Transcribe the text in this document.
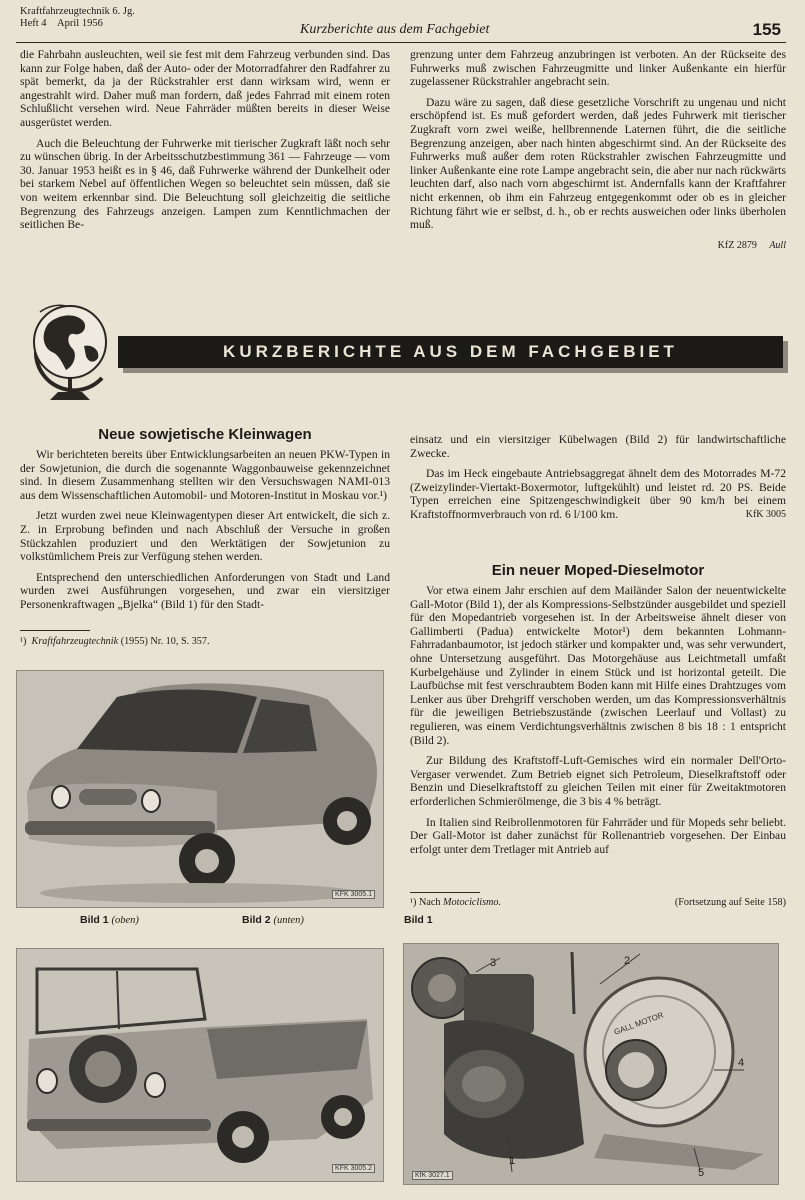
Kraftfahrzeugtechnik 6. Jg.
Heft 4 April 1956	Kurzberichte aus dem Fachgebiet	155

die Fahrbahn ausleuchten, weil sie fest mit dem Fahrzeug verbunden sind. Das kann zur Folge haben, daß der Auto- oder der Motorradfahrer den Radfahrer zu spät bemerkt, da ja der Rückstrahler erst dann wirksam wird, wenn er angestrahlt wird. Daher muß man fordern, daß jedes Fahrrad mit einem roten Schlußlicht versehen wird. Neue Fahrräder müßten bereits in dieser Weise ausgerüstet werden.

Auch die Beleuchtung der Fuhrwerke mit tierischer Zugkraft läßt noch sehr zu wünschen übrig. In der Arbeitsschutzbestimmung 361 — Fahrzeuge — vom 30. Januar 1953 heißt es in § 46, daß Fuhrwerke während der Dunkelheit oder bei starkem Nebel auf öffentlichen Wegen so beleuchtet sein müssen, daß sie von weitem erkennbar sind. Die Beleuchtung soll gleichzeitig die seitliche Begrenzung des Fahrzeugs anzeigen. Lampen zum Kenntlichmachen der seitlichen Be-

grenzung unter dem Fahrzeug anzubringen ist verboten. An der Rückseite des Fuhrwerks muß zwischen Fahrzeugmitte und linker Außenkante ein hierfür zugelassener Rückstrahler angebracht sein.

Dazu wäre zu sagen, daß diese gesetzliche Vorschrift zu ungenau und nicht erschöpfend ist. Es muß gefordert werden, daß jedes Fuhrwerk mit tierischer Zugkraft vorn zwei weiße, hellbrennende Laternen führt, die die seitliche Begrenzung anzeigen, aber nach hinten abgeschirmt sind. An der Rückseite des Fuhrwerks muß außer dem roten Rückstrahler zwischen Fahrzeugmitte und linker Außenkante eine rote Lampe angebracht sein, die aber nur nach rückwärts leuchten darf, also nach vorn abgeschirmt ist. Andernfalls kann der Kraftfahrer nicht erkennen, ob ihm ein Fahrzeug entgegenkommt oder ob es in gleicher Richtung fährt wie er selbst, d. h., ob er rechts ausweichen oder links überholen muß.

KfZ 2879 Aull

KURZBERICHTE AUS DEM FACHGEBIET
Neue sowjetische Kleinwagen

Wir berichteten bereits über Entwicklungsarbeiten an neuen PKW-Typen in der Sowjetunion, die durch die sogenannte Waggonbauweise gekennzeichnet sind. In diesem Zusammenhang stellten wir den Versuchswagen NAMI-013 aus dem Wissenschaftlichen Automobil- und Motoren-Institut in Moskau vor.¹)

Jetzt wurden zwei neue Kleinwagentypen dieser Art entwickelt, die sich z. Z. in Erprobung befinden und nach Abschluß der Versuche in großen Stückzahlen produziert und den Werktätigen der Sowjetunion zu volkstümlichem Preis zur Verfügung stehen werden.

Entsprechend den unterschiedlichen Anforderungen von Stadt und Land wurden zwei Ausführungen vorgesehen, und zwar ein viersitziger Personenkraftwagen „Bjelka“ (Bild 1) für den Stadt-

¹) Kraftfahrzeugtechnik (1955) Nr. 10, S. 357.

einsatz und ein viersitziger Kübelwagen (Bild 2) für landwirtschaftliche Zwecke.

Das im Heck eingebaute Antriebsaggregat ähnelt dem des Motorrades M-72 (Zweizylinder-Viertakt-Boxermotor, luftgekühlt) und leistet rd. 20 PS. Beide Typen erreichen eine Spitzengeschwindigkeit über 90 km/h bei einem Kraftstoffnormverbrauch von rd. 6 l/100 km.	KfK 3005

Ein neuer Moped-Dieselmotor

Vor etwa einem Jahr erschien auf dem Mailänder Salon der neuentwickelte Gall-Motor (Bild 1), der als Kompressions-Selbstzünder ausgebildet und speziell für den Mopedantrieb vorgesehen ist. In der Arbeitsweise ähnelt dieser von Gallimberti (Padua) entwickelte Motor¹) dem bekannten Lohmann-Fahrradanbaumotor, ist jedoch stärker und kompakter und, was sehr verwundert, ohne Untersetzung ausgeführt. Das Motorgehäuse aus Leichtmetall umfaßt Kurbelgehäuse und Zylinder in einem Stück und ist horizontal geteilt. Die Laufbüchse mit fest verschraubtem Boden kann mit Hilfe eines Drahtzuges vom Lenker aus über Drehgriff verschoben werden, um das Kompressionsverhältnis für die jeweiligen Betriebszustände (zwischen Leerlauf und Vollast) zu regulieren, was einem Verdichtungsverhältnis zwischen 8 bis 18 : 1 entspricht (Bild 2).

Zur Bildung des Kraftstoff-Luft-Gemisches wird ein normaler Dell'Orto-Vergaser verwendet. Zum Betrieb eignet sich Petroleum, Dieselkraftstoff oder Benzin und Dieselkraftstoff zu gleichen Teilen mit einer für Zweitaktmotoren erforderlichen Schmierölmenge, die 3 bis 4 % beträgt.

In Italien sind Reibrollenmotoren für Fahrräder und für Mopeds sehr beliebt. Der Gall-Motor ist daher zunächst für Rollenantrieb vorgesehen. Der Einbau erfolgt unter dem Tretlager mit Antrieb auf

¹) Nach Motociclismo.	(Fortsetzung auf Seite 158)
KFK 3005.1
Bild 1 (oben)	Bild 2 (unten)	Bild 1
KFK 3005.2
1
2
3
4
5
GALL MOTOR
KfK 3027.1
